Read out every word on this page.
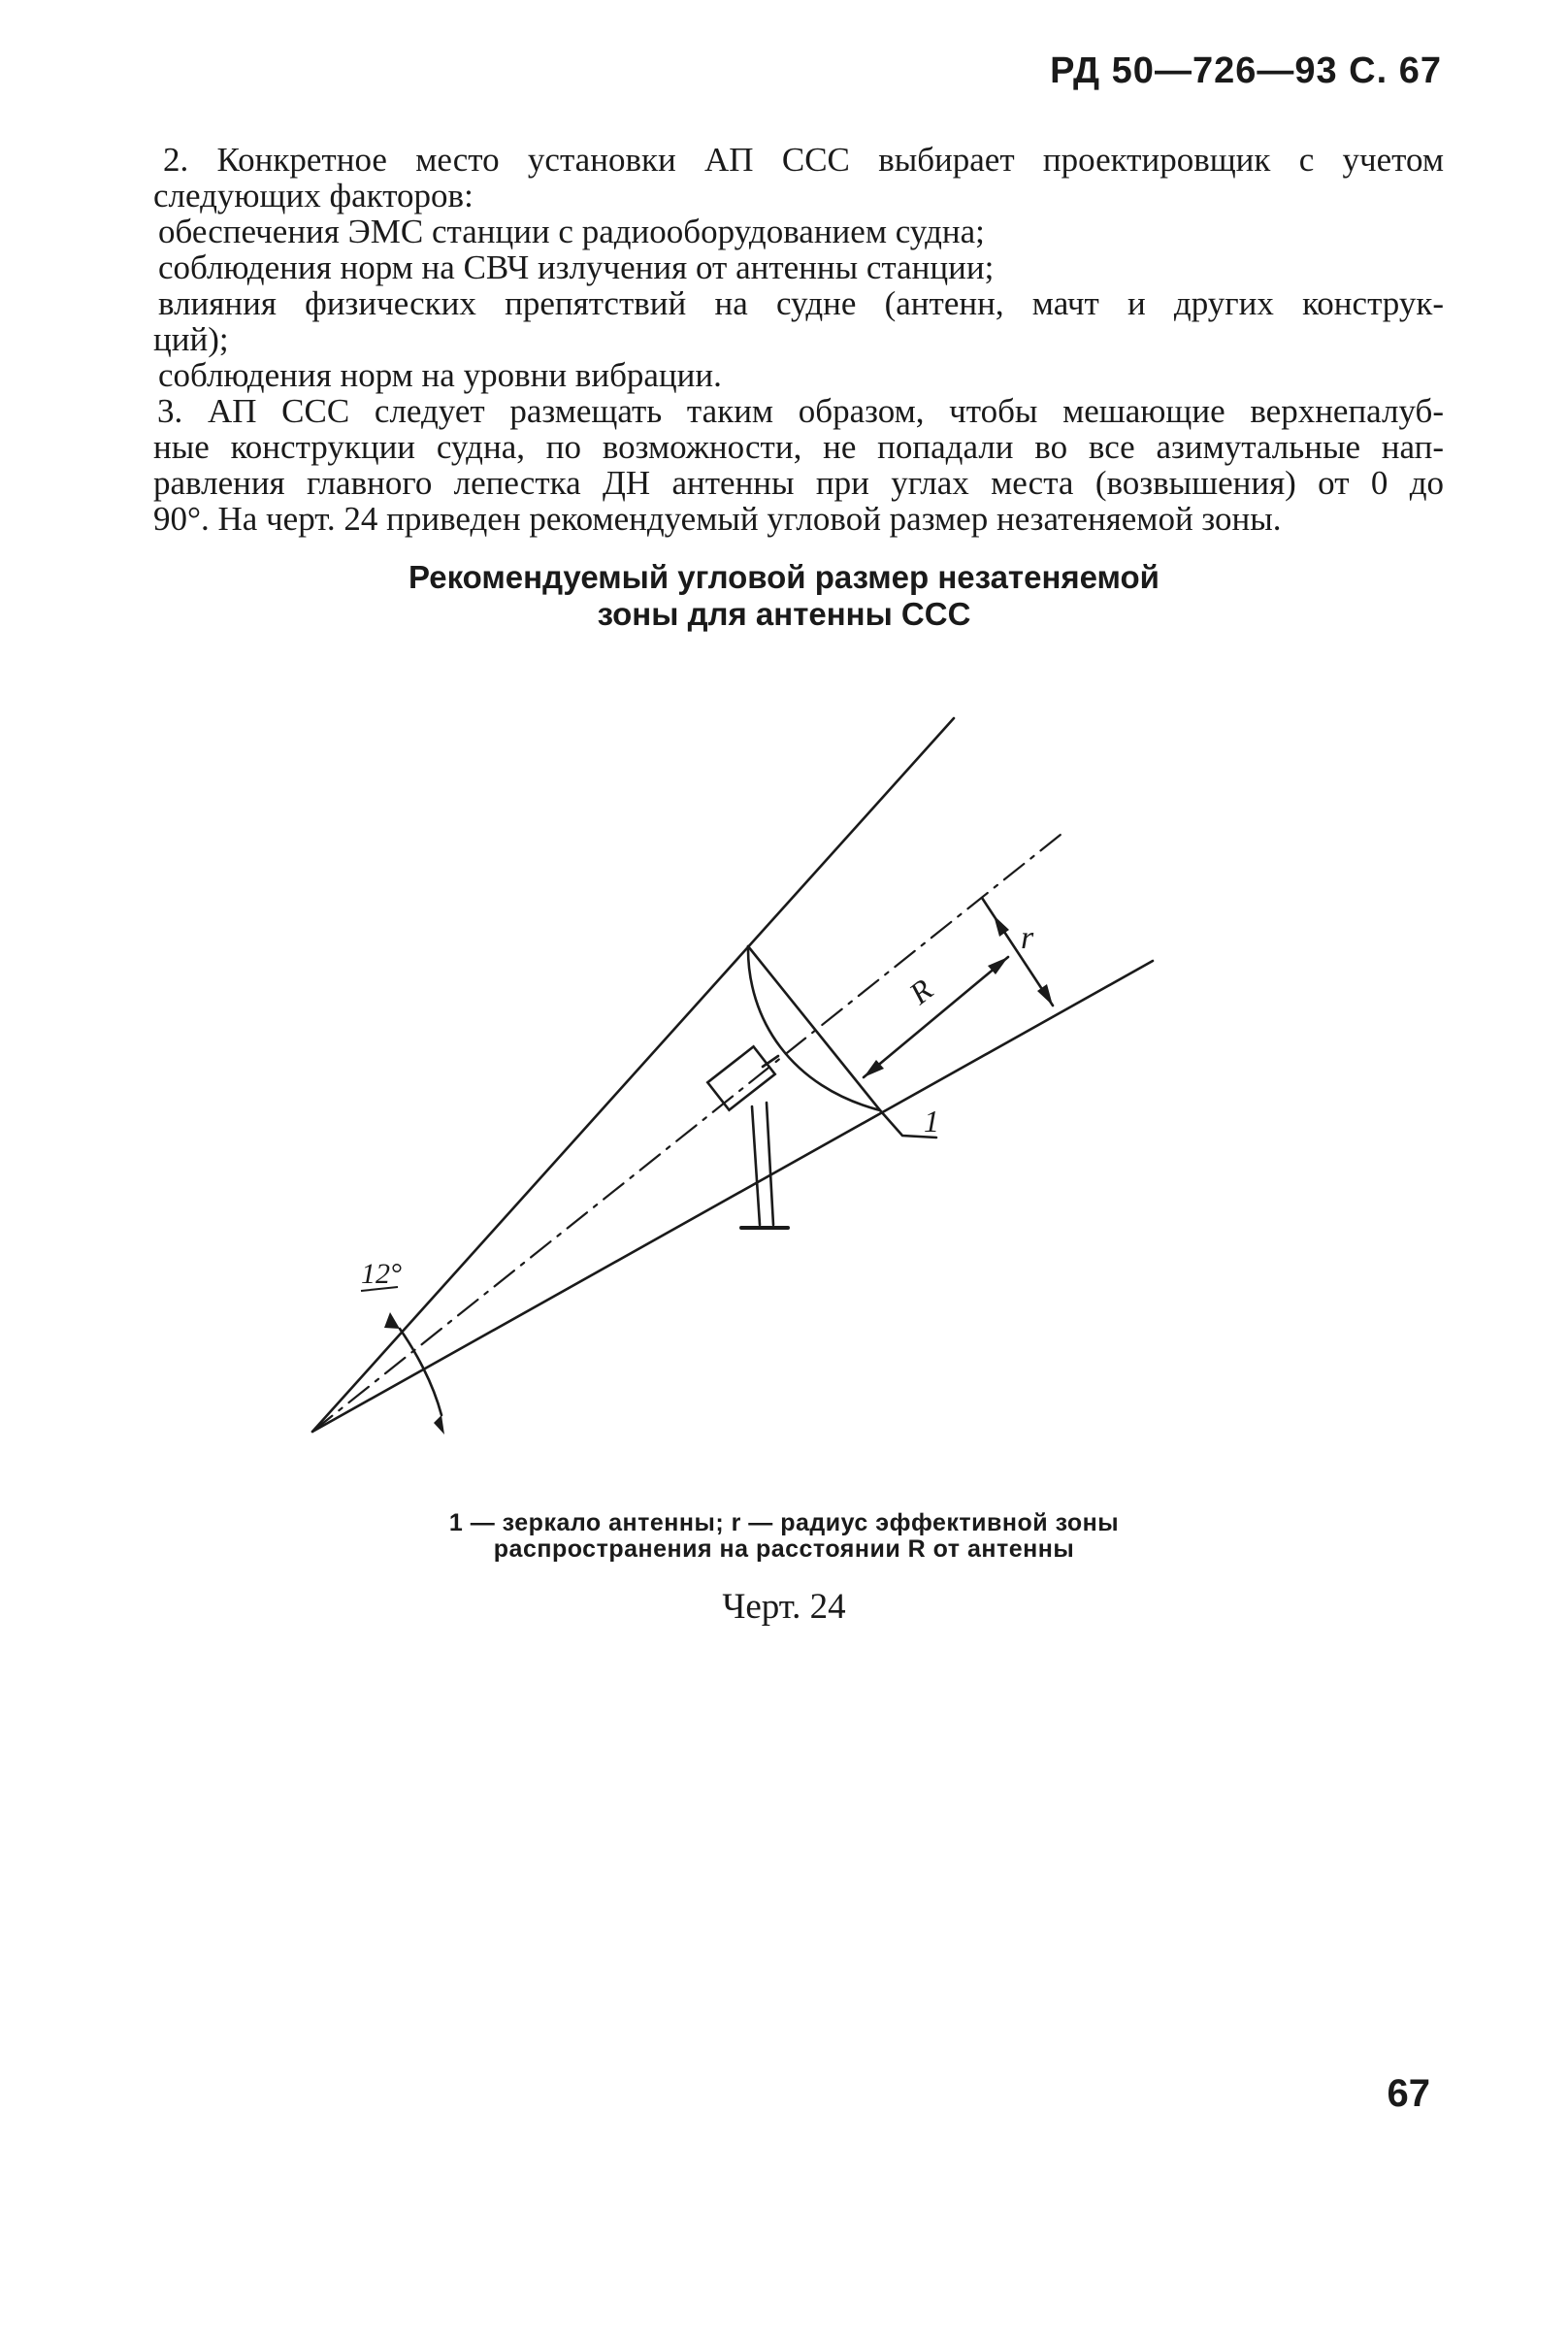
РД 50—726—93 С. 67

2. Конкретное место установки АП ССС выбирает проектировщик с учетом

следующих факторов:

обеспечения ЭМС станции с радиооборудованием судна;

соблюдения норм на СВЧ излучения от антенны станции;

влияния физических препятствий на судне (антенн, мачт и других конструк-

ций);

соблюдения норм на уровни вибрации.

3. АП ССС следует размещать таким образом, чтобы мешающие верхнепалуб-

ные конструкции судна, по возможности, не попадали во все азимутальные нап-

равления главного лепестка ДН антенны при углах места (возвышения) от 0 до

90°. На черт. 24 приведен рекомендуемый угловой размер незатеняемой зоны.

Рекомендуемый угловой размер незатеняемой
зоны для антенны ССС
12°
R
r
1
1 — зеркало антенны; r — радиус эффективной зоны
распространения на расстоянии R от антенны
Черт. 24
67
